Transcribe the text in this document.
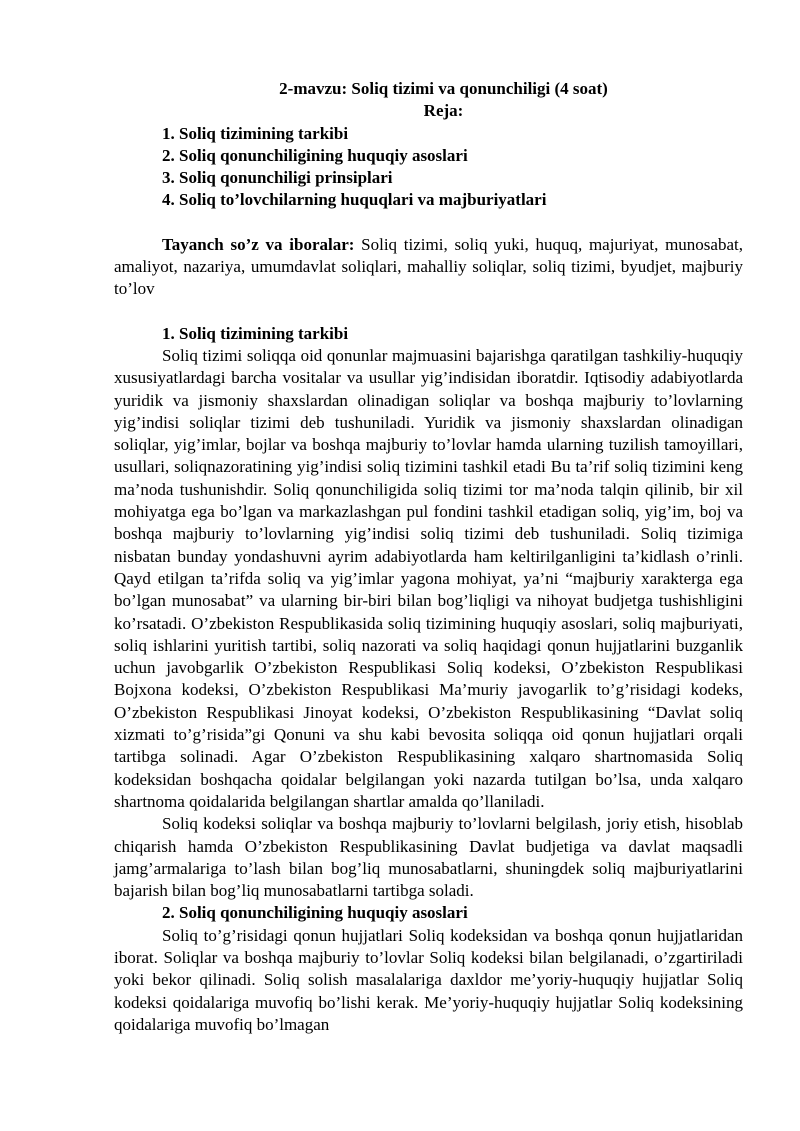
2-mavzu: Soliq tizimi va qonunchiligi (4 soat)
Reja:
1. Soliq tizimining tarkibi
2. Soliq qonunchiligining huquqiy asoslari
3. Soliq qonunchiligi prinsiplari
4. Soliq to’lovchilarning huquqlari va majburiyatlari

Tayanch so’z va iboralar: Soliq tizimi, soliq yuki, huquq, majuriyat, munosabat, amaliyot, nazariya, umumdavlat soliqlari, mahalliy soliqlar, soliq tizimi, byudjet, majburiy to’lov

1. Soliq tizimining tarkibi

Soliq tizimi soliqqa oid qonunlar majmuasini bajarishga qaratilgan tashkiliy-huquqiy xususiyatlardagi barcha vositalar va usullar yig’indisidan iboratdir. Iqtisodiy adabiyotlarda yuridik va jismoniy shaxslardan olinadigan soliqlar va boshqa majburiy to’lovlarning yig’indisi soliqlar tizimi deb tushuniladi. Yuridik va jismoniy shaxslardan olinadigan soliqlar, yig’imlar, bojlar va boshqa majburiy to’lovlar hamda ularning tuzilish tamoyillari, usullari, soliqnazoratining yig’indisi soliq tizimini tashkil etadi Bu ta’rif soliq tizimini keng ma’noda tushunishdir. Soliq qonunchiligida soliq tizimi tor ma’noda talqin qilinib, bir xil mohiyatga ega bo’lgan va markazlashgan pul fondini tashkil etadigan soliq, yig’im, boj va boshqa majburiy to’lovlarning yig’indisi soliq tizimi deb tushuniladi. Soliq tizimiga nisbatan bunday yondashuvni ayrim adabiyotlarda ham keltirilganligini ta’kidlash o’rinli. Qayd etilgan ta’rifda soliq va yig’imlar yagona mohiyat, ya’ni “majburiy xarakterga ega bo’lgan munosabat” va ularning bir-biri bilan bog’liqligi va nihoyat budjetga tushishligini ko’rsatadi. O’zbekiston Respublikasida soliq tizimining huquqiy asoslari, soliq majburiyati, soliq ishlarini yuritish tartibi, soliq nazorati va soliq haqidagi qonun hujjatlarini buzganlik uchun javobgarlik O’zbekiston Respublikasi Soliq kodeksi, O’zbekiston Respublikasi Bojxona kodeksi, O’zbekiston Respublikasi Ma’muriy javogarlik to’g’risidagi kodeks, O’zbekiston Respublikasi Jinoyat kodeksi, O’zbekiston Respublikasining “Davlat soliq xizmati to’g’risida”gi Qonuni va shu kabi bevosita soliqqa oid qonun hujjatlari orqali tartibga solinadi. Agar O’zbekiston Respublikasining xalqaro shartnomasida Soliq kodeksidan boshqacha qoidalar belgilangan yoki nazarda tutilgan bo’lsa, unda xalqaro shartnoma qoidalarida belgilangan shartlar amalda qo’llaniladi.

Soliq kodeksi soliqlar va boshqa majburiy to’lovlarni belgilash, joriy etish, hisoblab chiqarish hamda O’zbekiston Respublikasining Davlat budjetiga va davlat maqsadli jamg’armalariga to’lash bilan bog’liq munosabatlarni, shuningdek soliq majburiyatlarini bajarish bilan bog’liq munosabatlarni tartibga soladi.

2. Soliq qonunchiligining huquqiy asoslari

Soliq to’g’risidagi qonun hujjatlari Soliq kodeksidan va boshqa qonun hujjatlaridan iborat. Soliqlar va boshqa majburiy to’lovlar Soliq kodeksi bilan belgilanadi, o’zgartiriladi yoki bekor qilinadi. Soliq solish masalalariga daxldor me’yoriy-huquqiy hujjatlar Soliq kodeksi qoidalariga muvofiq bo’lishi kerak. Me’yoriy-huquqiy hujjatlar Soliq kodeksining qoidalariga muvofiq bo’lmagan
